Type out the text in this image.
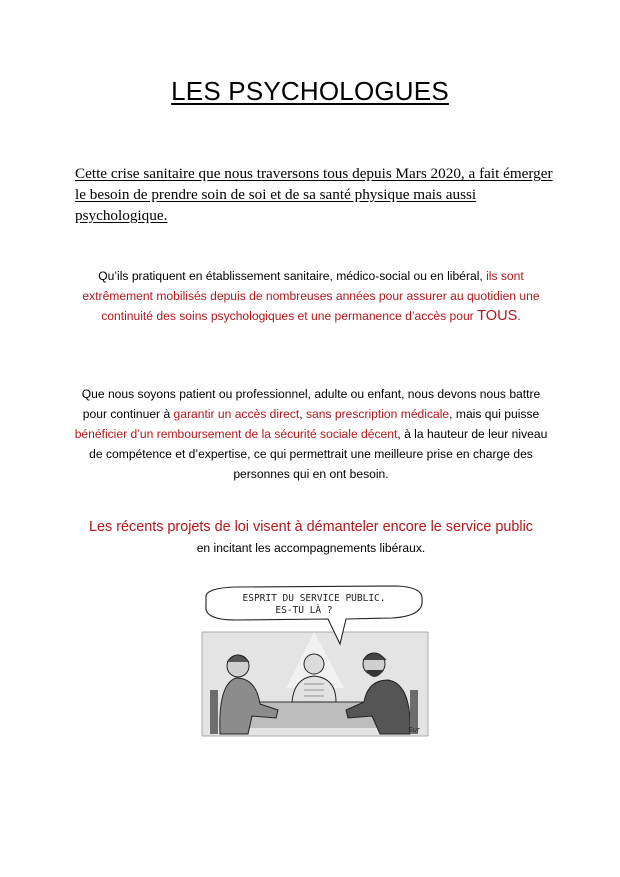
LES PSYCHOLOGUES
Cette crise sanitaire que nous traversons tous depuis Mars 2020, a fait émerger le besoin de prendre soin de soi et de sa santé physique mais aussi psychologique.
Qu’ils pratiquent en établissement sanitaire, médico-social ou en libéral, ils sont extrêmement mobilisés depuis de nombreuses années pour assurer au quotidien une continuité des soins psychologiques et une permanence d’accès pour TOUS.
Que nous soyons patient ou professionnel, adulte ou enfant, nous devons nous battre pour continuer à garantir un accès direct, sans prescription médicale, mais qui puisse bénéficier d’un remboursement de la sécurité sociale décent, à la hauteur de leur niveau de compétence et d’expertise, ce qui permettrait une meilleure prise en charge des personnes qui en ont besoin.
Les récents projets de loi visent à démanteler encore le service public
en incitant les accompagnements libéraux.
ESPRIT DU SERVICE PUBLIC.
ES-TU LÀ ?
Sur
